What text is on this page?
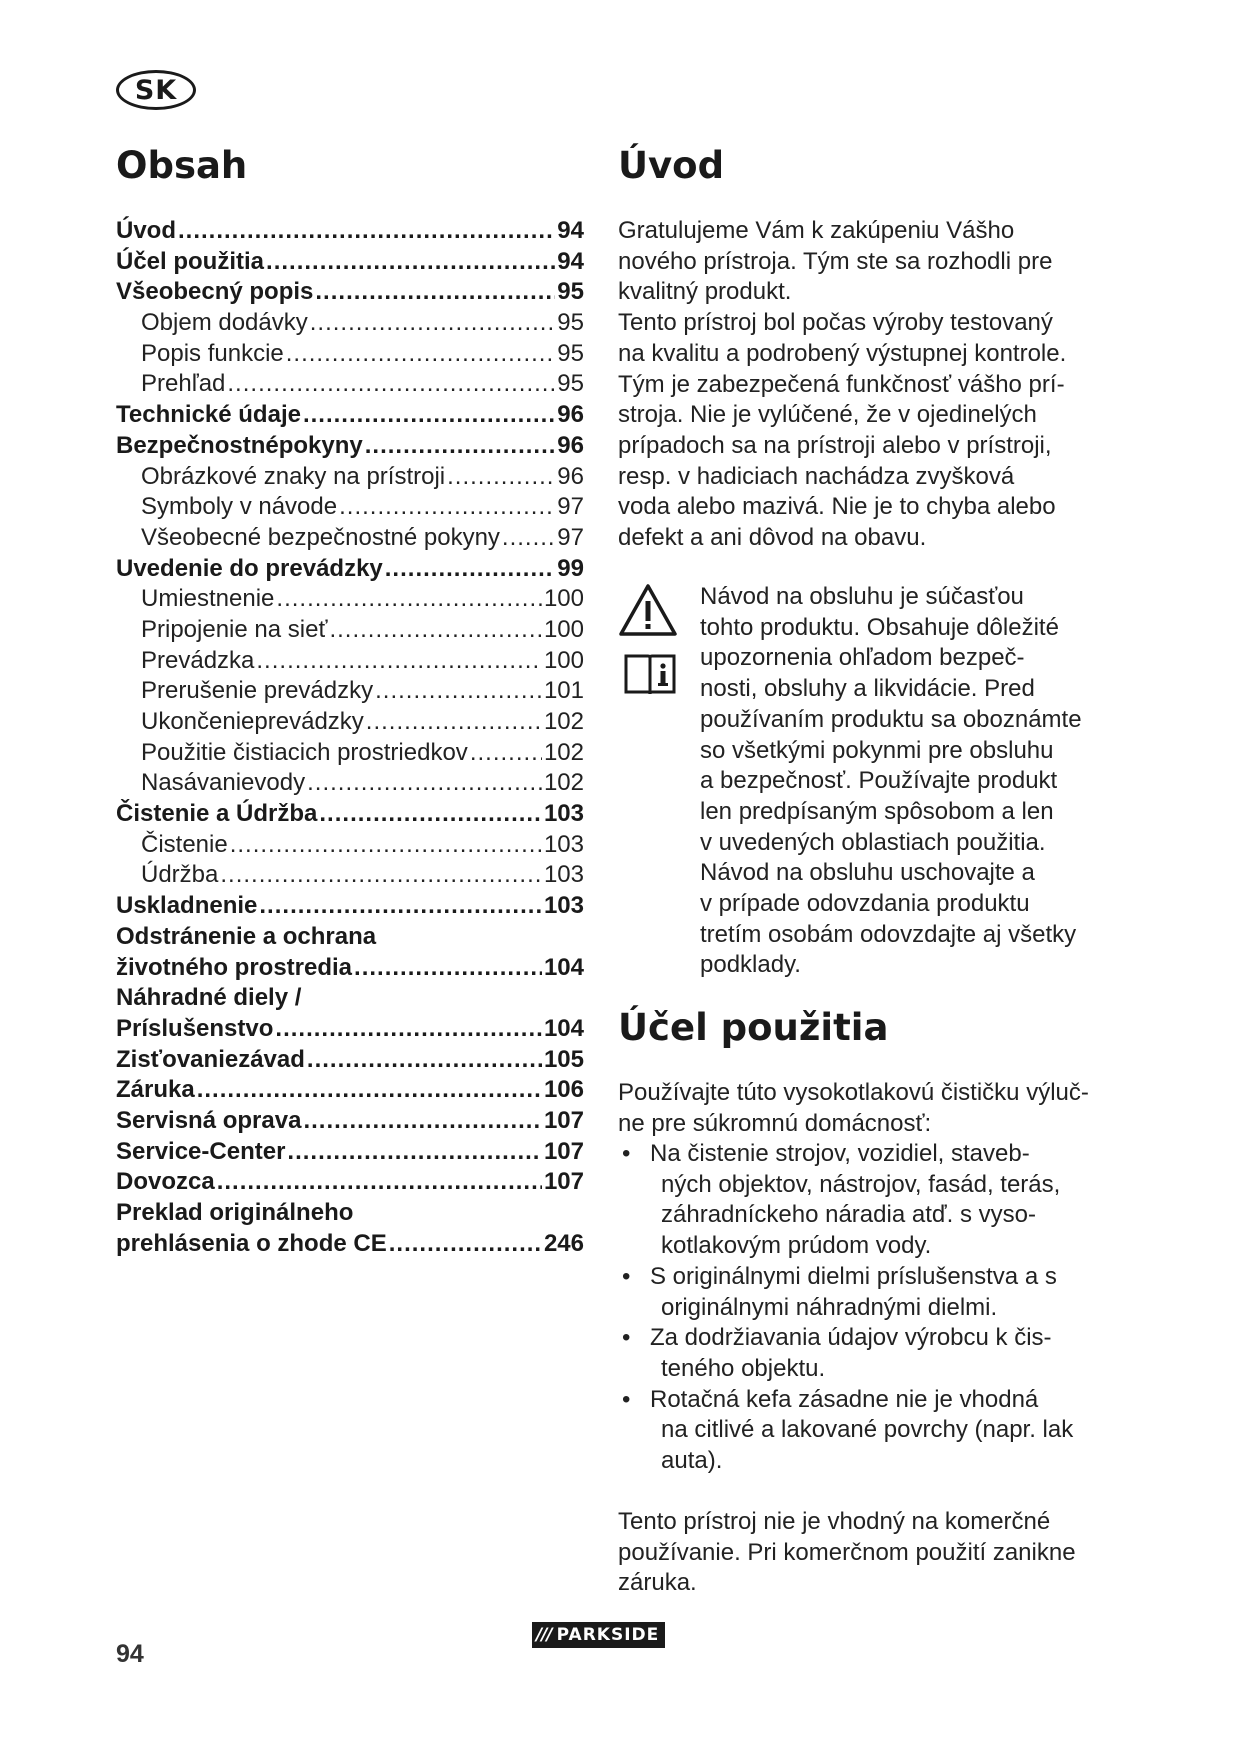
SK
Obsah	Úvod
Úvod .....	94
Účel použitia .....	94
Všeobecný popis .....	95
Objem dodávky .....	95
Popis funkcie .....	95
Prehľad .....	95
Technické údaje .....	96
Bezpečnostnépokyny .....	96
Obrázkové znaky na prístroji .....	96
Symboly v návode .....	97
Všeobecné bezpečnostné pokyny ..... 97
Uvedenie do prevádzky .....	99
Umiestnenie .....	100
Pripojenie na sieť .....	100
Prevádzka .....	100
Prerušenie prevádzky .....	101
Ukončenieprevádzky .....	102
Použitie čistiacich prostriedkov .....	102
Nasávanievody .....	102
Čistenie a Údržba .....	103
Čistenie .....	103
Údržba .....	103
Uskladnenie .....	103
Odstránenie a ochrana
životného prostredia .....	104
Náhradné diely /
Príslušenstvo .....	104
Zisťovaniezávad .....	105
Záruka .....	106
Servisná oprava .....	107
Service-Center .....	107
Dovozca .....	107
Preklad originálneho
prehlásenia o zhode CE .....	246

Gratulujeme Vám k zakúpeniu Vášho
nového prístroja. Tým ste sa rozhodli pre
kvalitný produkt.
Tento prístroj bol počas výroby testovaný
na kvalitu a podrobený výstupnej kontrole.
Tým je zabezpečená funkčnosť vášho prí-
stroja. Nie je vylúčené, že v ojedinelých
prípadoch sa na prístroji alebo v prístroji,
resp. v hadiciach nachádza zvyšková
voda alebo mazivá. Nie je to chyba alebo
defekt a ani dôvod na obavu.

Návod na obsluhu je súčasťou
tohto produktu. Obsahuje dôležité
upozornenia ohľadom bezpeč-
nosti, obsluhy a likvidácie. Pred
používaním produktu sa oboznámte
so všetkými pokynmi pre obsluhu
a bezpečnosť. Používajte produkt
len predpísaným spôsobom a len
v uvedených oblastiach použitia.
Návod na obsluhu uschovajte a
v prípade odovzdania produktu
tretím osobám odovzdajte aj všetky
podklady.

Účel použitia

Používajte túto vysokotlakovú čističku výluč-
ne pre súkromnú domácnosť:

• Na čistenie strojov, vozidiel, staveb-
ných objektov, nástrojov, fasád, terás,
záhradníckeho náradia atď. s vyso-
kotlakovým prúdom vody.
• S originálnymi dielmi príslušenstva a s
originálnymi náhradnými dielmi.
• Za dodržiavania údajov výrobcu k čis-
teného objektu.
• Rotačná kefa zásadne nie je vhodná
na citlivé a lakované povrchy (napr. lak
auta).

Tento prístroj nie je vhodný na komerčné
používanie. Pri komerčnom použití zanikne
záruka.

94
/// PARKSIDE
